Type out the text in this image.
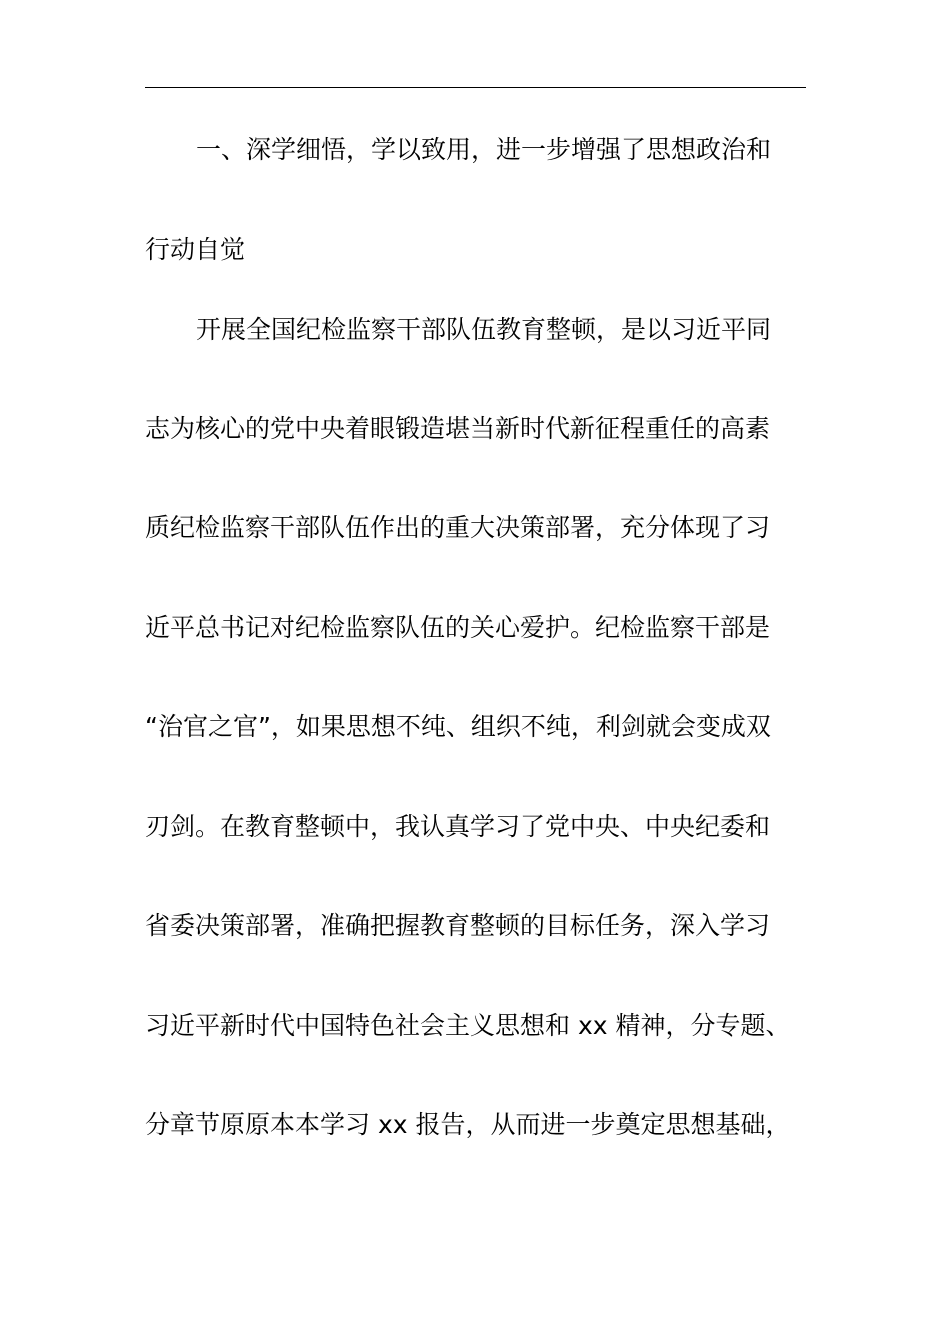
一、深学细悟，学以致用，进一步增强了思想政治和
行动自觉
开展全国纪检监察干部队伍教育整顿，是以习近平同
志为核心的党中央着眼锻造堪当新时代新征程重任的高素
质纪检监察干部队伍作出的重大决策部署，充分体现了习
近平总书记对纪检监察队伍的关心爱护。纪检监察干部是
“治官之官”，如果思想不纯、组织不纯，利剑就会变成双
刃剑。在教育整顿中，我认真学习了党中央、中央纪委和
省委决策部署，准确把握教育整顿的目标任务，深入学习
习近平新时代中国特色社会主义思想和 xx 精神，分专题、
分章节原原本本学习 xx 报告，从而进一步奠定思想基础，
